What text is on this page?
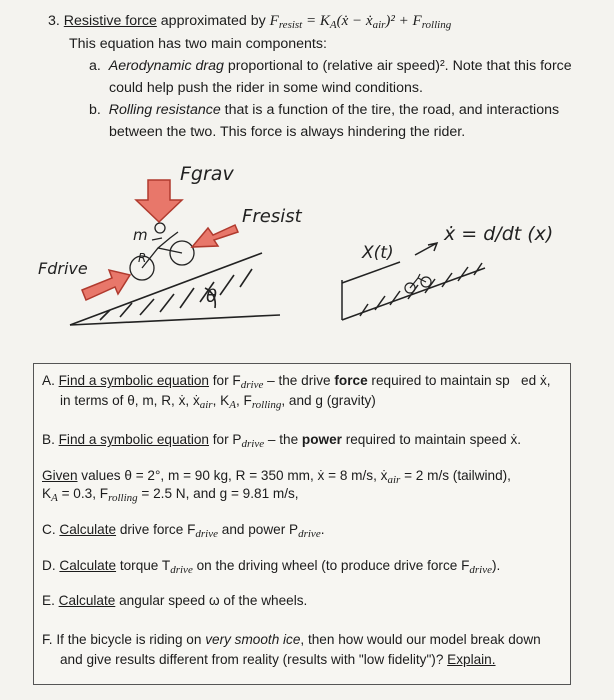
3. Resistive force approximated by $F_{resist}$ = $K_A(ẋ$ − ẋ$_{air}$)² + $F_{rolling}$
This equation has two main components:
a. Aerodynamic drag proportional to (relative air speed)². Note that this force
could help push the rider in some wind conditions.
b. Rolling resistance that is a function of the tire, the road, and interactions
between the two. This force is always hindering the rider.
θ
m
R
Fgrav
Fresist
Fdrive
X(t)
ẋ = d/dt (x)
A. Find a symbolic equation for $F_{drive}$ – the drive force required to maintain sp ed ẋ,
in terms of θ, m, R, ẋ, ẋ$_{air}$, $K_A$, $F_{rolling}$, and g (gravity)
B. Find a symbolic equation for $P_{drive}$ – the power required to maintain speed ẋ.
Given values θ = 2°, m = 90 kg, R = 350 mm, ẋ = 8 m/s, ẋ$_{air}$ = 2 m/s (tailwind),
$K_A = 0.3$, $F_{rolling} = 2.5$ N, and g = 9.81 m/s,
C. Calculate drive force $F_{drive}$ and power $P_{drive}$.
D. Calculate torque $T_{drive}$ on the driving wheel (to produce drive force $F_{drive}$).
E. Calculate angular speed ω of the wheels.
F. If the bicycle is riding on very smooth ice, then how would our model break down
and give results different from reality (results with "low fidelity")? Explain.
